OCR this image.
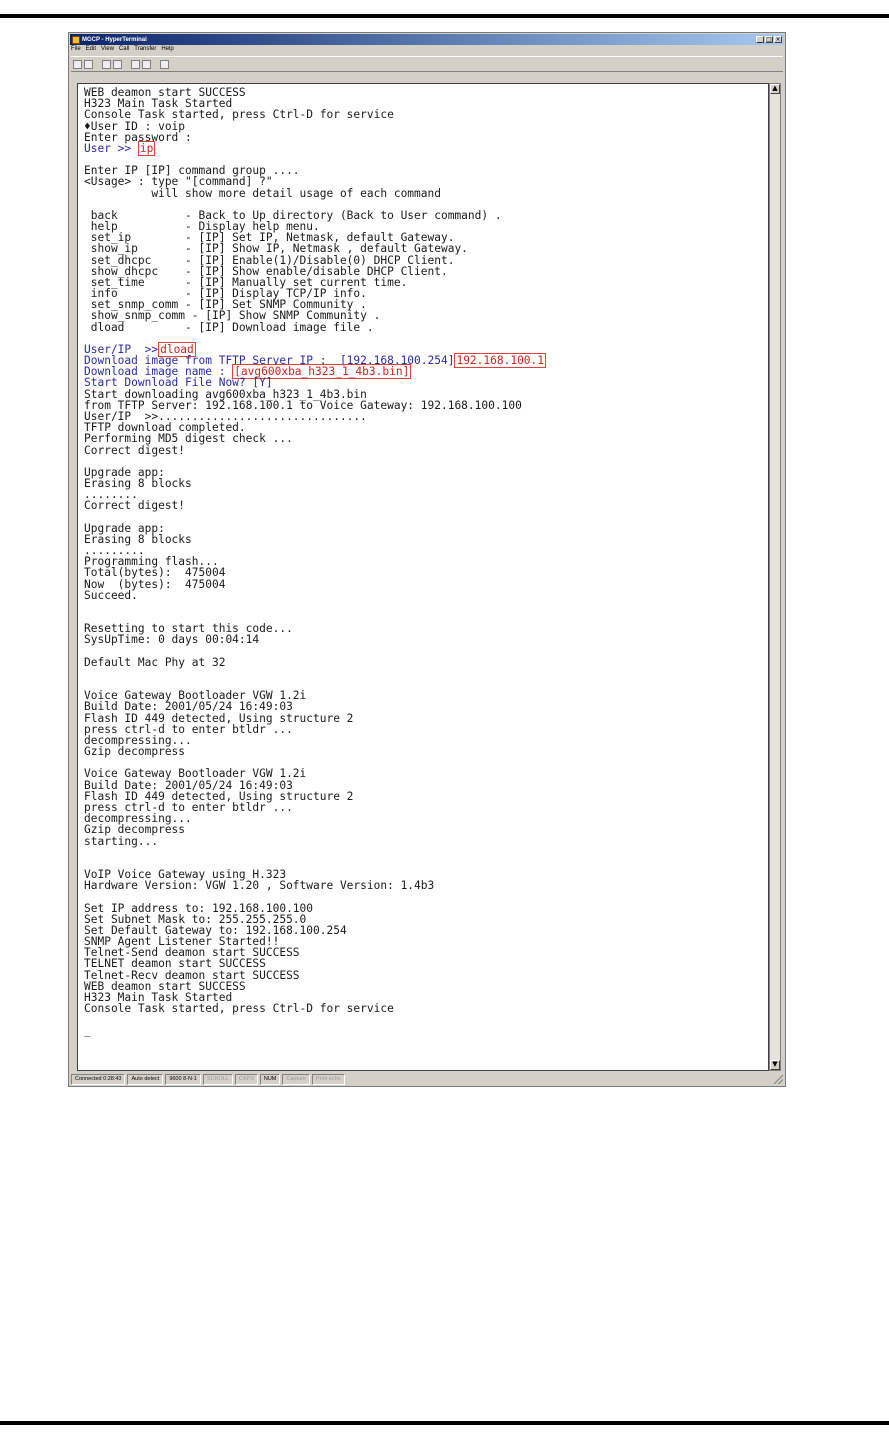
MGCP - HyperTerminal	_ □ ×
File Edit View Call Transfer Help
WEB deamon start SUCCESS
H323 Main Task Started
Console Task started, press Ctrl-D for service
♦User ID : voip
Enter password :
User >> ip
Enter IP [IP] command group ....
<Usage> : type "[command] ?"
will show more detail usage of each command
back          - Back to Up directory (Back to User command) .
help          - Display help menu.
set_ip        - [IP] Set IP, Netmask, default Gateway.
show_ip       - [IP] Show IP, Netmask , default Gateway.
set_dhcpc     - [IP] Enable(1)/Disable(0) DHCP Client.
show_dhcpc    - [IP] Show enable/disable DHCP Client.
set_time      - [IP] Manually set current time.
info          - [IP] Display TCP/IP info.
set_snmp_comm - [IP] Set SNMP Community .
show_snmp_comm - [IP] Show SNMP Community .
dload         - [IP] Download image file .
User/IP  >> dload
Download image from TFTP Server IP :  [192.168.100.254] 192.168.100.1
Download image name : [avg600xba_h323_1_4b3.bin]
Start Download File Now? [Y]
Start downloading avg600xba_h323_1_4b3.bin
from TFTP Server: 192.168.100.1 to Voice Gateway: 192.168.100.100
User/IP  >>...............................
TFTP download completed.
Performing MD5 digest check ...
Correct digest!
Upgrade app:
Erasing 8 blocks
........
Correct digest!
Upgrade app:
Erasing 8 blocks
.........
Programming flash...
Total(bytes):  475004
Now  (bytes):  475004
Succeed.
Resetting to start this code...
SysUpTime: 0 days 00:04:14
Default Mac Phy at 32
Voice Gateway Bootloader VGW 1.2i
Build Date: 2001/05/24 16:49:03
Flash ID 449 detected, Using structure 2
press ctrl-d to enter btldr ...
decompressing...
Gzip decompress
Voice Gateway Bootloader VGW 1.2i
Build Date: 2001/05/24 16:49:03
Flash ID 449 detected, Using structure 2
press ctrl-d to enter btldr ...
decompressing...
Gzip decompress
starting...
VoIP Voice Gateway using H.323
Hardware Version: VGW 1.20 , Software Version: 1.4b3
Set IP address to: 192.168.100.100
Set Subnet Mask to: 255.255.255.0
Set Default Gateway to: 192.168.100.254
SNMP Agent Listener Started!!
Telnet-Send deamon start SUCCESS
TELNET deamon start SUCCESS
Telnet-Recv deamon start SUCCESS
WEB deamon start SUCCESS
H323 Main Task Started
Console Task started, press Ctrl-D for service
_
▲
▼
Connected 0:28:43	Auto detect	9600 8-N-1	SCROLL	CAPS	NUM	Capture	Print echo
